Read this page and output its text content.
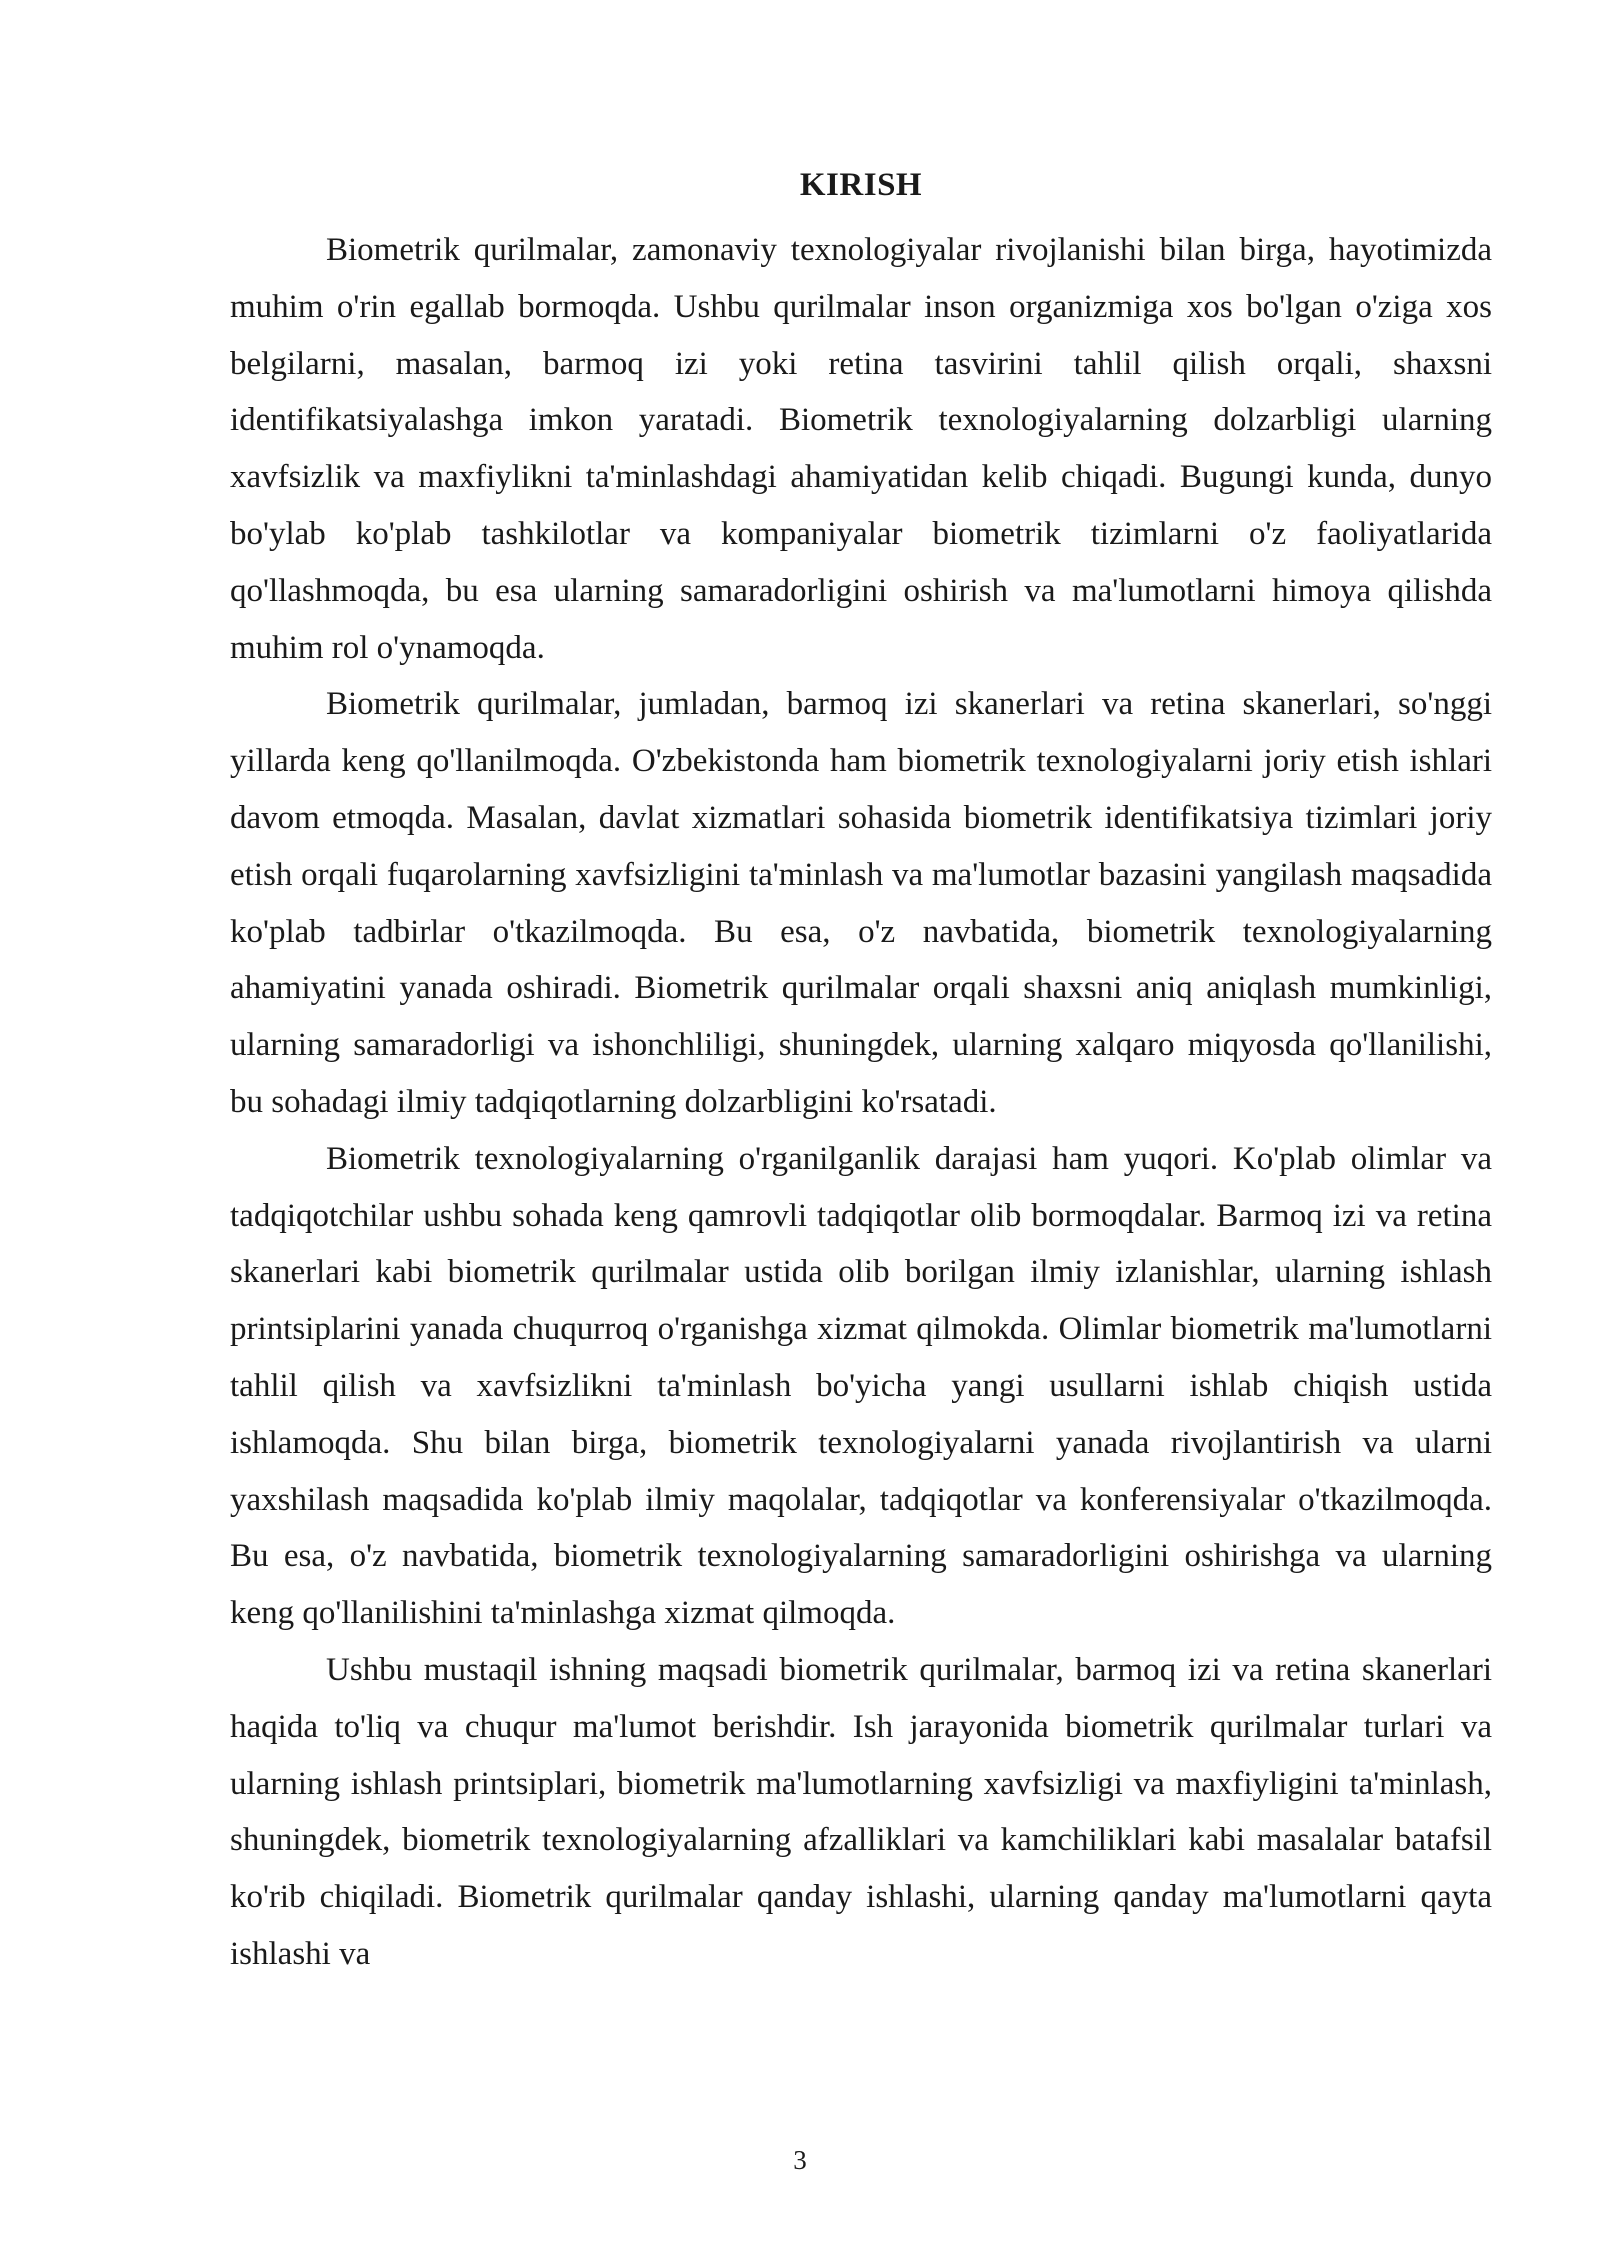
KIRISH

Biometrik qurilmalar, zamonaviy texnologiyalar rivojlanishi bilan birga, hayotimizda muhim o'rin egallab bormoqda. Ushbu qurilmalar inson organizmiga xos bo'lgan o'ziga xos belgilarni, masalan, barmoq izi yoki retina tasvirini tahlil qilish orqali, shaxsni identifikatsiyalashga imkon yaratadi. Biometrik texnologiyalarning dolzarbligi ularning xavfsizlik va maxfiylikni ta'minlashdagi ahamiyatidan kelib chiqadi. Bugungi kunda, dunyo bo'ylab ko'plab tashkilotlar va kompaniyalar biometrik tizimlarni o'z faoliyatlarida qo'llashmoqda, bu esa ularning samaradorligini oshirish va ma'lumotlarni himoya qilishda muhim rol o'ynamoqda.

Biometrik qurilmalar, jumladan, barmoq izi skanerlari va retina skanerlari, so'nggi yillarda keng qo'llanilmoqda. O'zbekistonda ham biometrik texnologiyalarni joriy etish ishlari davom etmoqda. Masalan, davlat xizmatlari sohasida biometrik identifikatsiya tizimlari joriy etish orqali fuqarolarning xavfsizligini ta'minlash va ma'lumotlar bazasini yangilash maqsadida ko'plab tadbirlar o'tkazilmoqda. Bu esa, o'z navbatida, biometrik texnologiyalarning ahamiyatini yanada oshiradi. Biometrik qurilmalar orqali shaxsni aniq aniqlash mumkinligi, ularning samaradorligi va ishonchliligi, shuningdek, ularning xalqaro miqyosda qo'llanilishi, bu sohadagi ilmiy tadqiqotlarning dolzarbligini ko'rsatadi.

Biometrik texnologiyalarning o'rganilganlik darajasi ham yuqori. Ko'plab olimlar va tadqiqotchilar ushbu sohada keng qamrovli tadqiqotlar olib bormoqdalar. Barmoq izi va retina skanerlari kabi biometrik qurilmalar ustida olib borilgan ilmiy izlanishlar, ularning ishlash printsiplarini yanada chuqurroq o'rganishga xizmat qilmokda. Olimlar biometrik ma'lumotlarni tahlil qilish va xavfsizlikni ta'minlash bo'yicha yangi usullarni ishlab chiqish ustida ishlamoqda. Shu bilan birga, biometrik texnologiyalarni yanada rivojlantirish va ularni yaxshilash maqsadida ko'plab ilmiy maqolalar, tadqiqotlar va konferensiyalar o'tkazilmoqda. Bu esa, o'z navbatida, biometrik texnologiyalarning samaradorligini oshirishga va ularning keng qo'llanilishini ta'minlashga xizmat qilmoqda.

Ushbu mustaqil ishning maqsadi biometrik qurilmalar, barmoq izi va retina skanerlari haqida to'liq va chuqur ma'lumot berishdir. Ish jarayonida biometrik qurilmalar turlari va ularning ishlash printsiplari, biometrik ma'lumotlarning xavfsizligi va maxfiyligini ta'minlash, shuningdek, biometrik texnologiyalarning afzalliklari va kamchiliklari kabi masalalar batafsil ko'rib chiqiladi. Biometrik qurilmalar qanday ishlashi, ularning qanday ma'lumotlarni qayta ishlashi va

3
